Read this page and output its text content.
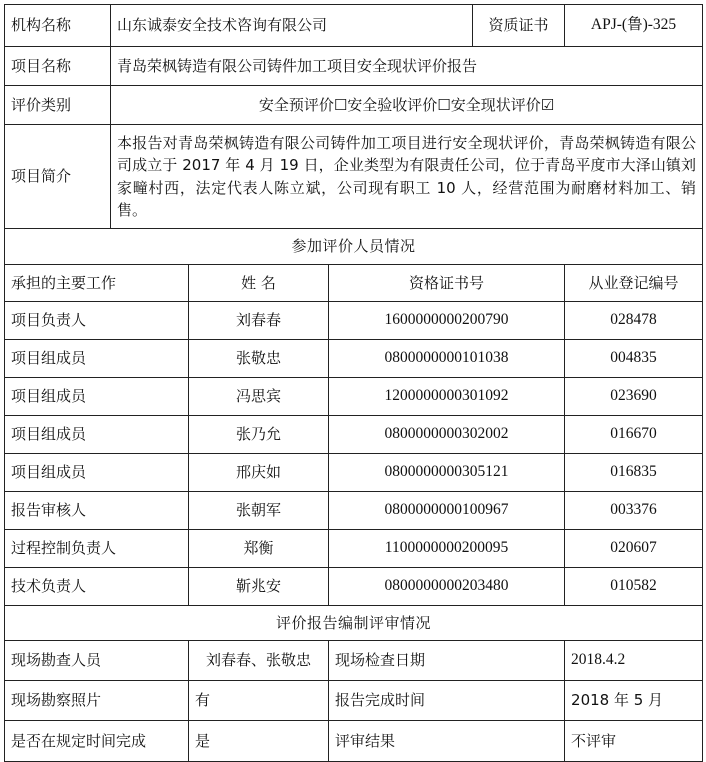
机构名称	山东诚泰安全技术咨询有限公司			资质证书	APJ-(鲁)-325
项目名称	青岛荣枫铸造有限公司铸件加工项目安全现状评价报告				
评价类别	安全预评价☐安全验收评价☐安全现状评价☑				
项目简介	本报告对青岛荣枫铸造有限公司铸件加工项目进行安全现状评价，青岛荣枫铸造有限公司成立于 2017 年 4 月 19 日，企业类型为有限责任公司，位于青岛平度市大泽山镇刘家疃村西，法定代表人陈立斌，公司现有职工 10 人，经营范围为耐磨材料加工、销售。				
参加评价人员情况					
承担的主要工作		姓 名	资格证书号		从业登记编号
项目负责人		刘春春	1600000000200790		028478
项目组成员		张敬忠	0800000000101038		004835
项目组成员		冯思宾	1200000000301092		023690
项目组成员		张乃允	0800000000302002		016670
项目组成员		邢庆如	0800000000305121		016835
报告审核人		张朝军	0800000000100967		003376
过程控制负责人		郑衡	1100000000200095		020607
技术负责人		靳兆安	0800000000203480		010582
评价报告编制评审情况					
现场勘查人员		刘春春、张敬忠	现场检查日期		2018.4.2
现场勘察照片		有	报告完成时间		2018 年 5 月
是否在规定时间完成		是	评审结果		不评审
